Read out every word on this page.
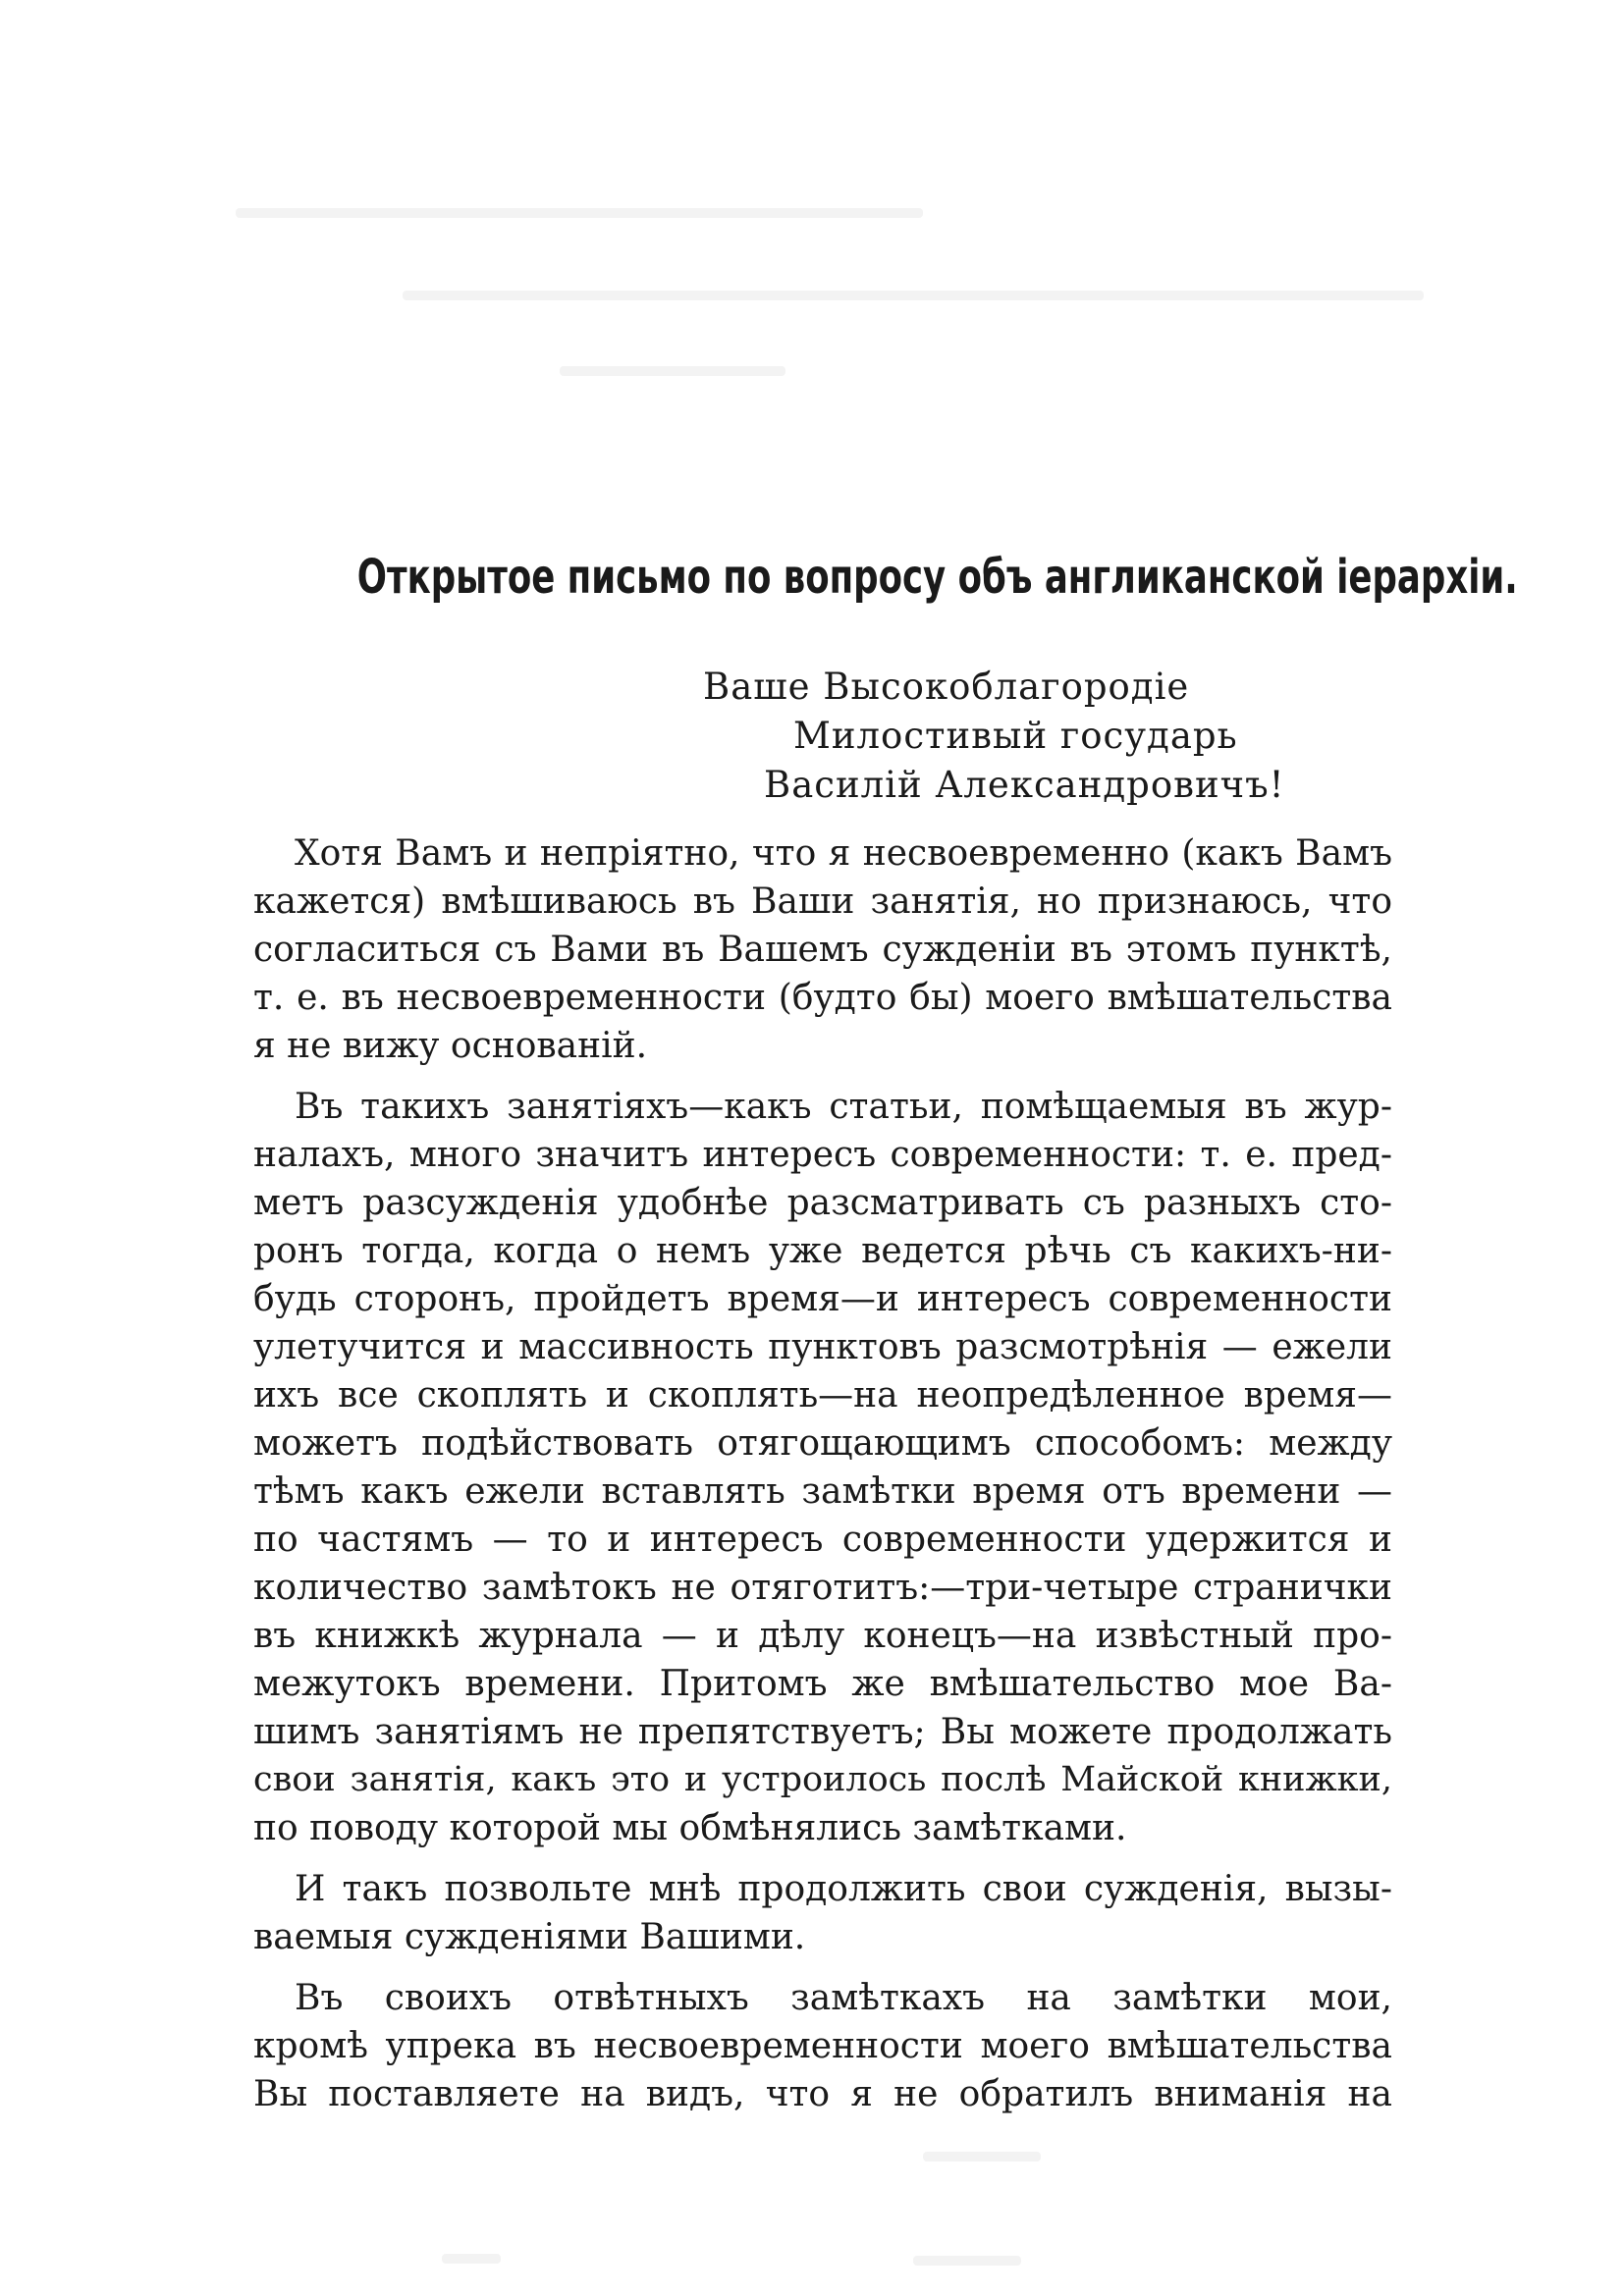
Открытое письмо по вопросу объ англиканской iерархiи.
Ваше Высокоблагородiе
Милостивый государь
Василiй Александровичъ!
Хотя Вамъ и непрiятно, что я несвоевременно (какъ Вамъ
кажется) вмѣшиваюсь въ Ваши занятiя, но признаюсь, что
согласиться съ Вами въ Вашемъ сужденiи въ этомъ пунктѣ,
т. е. въ несвоевременности (будто бы) моего вмѣшательства
я не вижу основанiй.
Въ такихъ занятiяхъ—какъ статьи, помѣщаемыя въ жур-
налахъ, много значитъ интересъ современности: т. е. пред-
метъ разсужденiя удобнѣе разсматривать съ разныхъ сто-
ронъ тогда, когда о немъ уже ведется рѣчь съ какихъ-ни-
будь сторонъ, пройдетъ время—и интересъ современности
улетучится и массивность пунктовъ разсмотрѣнiя — ежели
ихъ все скоплять и скоплять—на неопредѣленное время—
можетъ подѣйствовать отягощающимъ способомъ: между
тѣмъ какъ ежели вставлять замѣтки время отъ времени —
по частямъ — то и интересъ современности удержится и
количество замѣтокъ не отяготитъ:—три-четыре странички
въ книжкѣ журнала — и дѣлу конецъ—на извѣстный про-
межутокъ времени. Притомъ же вмѣшательство мое Ва-
шимъ занятiямъ не препятствуетъ; Вы можете продолжать
свои занятiя, какъ это и устроилось послѣ Майской книжки,
по поводу которой мы обмѣнялись замѣтками.
И такъ позвольте мнѣ продолжить свои сужденiя, вызы-
ваемыя сужденiями Вашими.
Въ своихъ отвѣтныхъ замѣткахъ на замѣтки мои,
кромѣ упрека въ несвоевременности моего вмѣшательства
Вы поставляете на видъ, что я не обратилъ вниманiя на
